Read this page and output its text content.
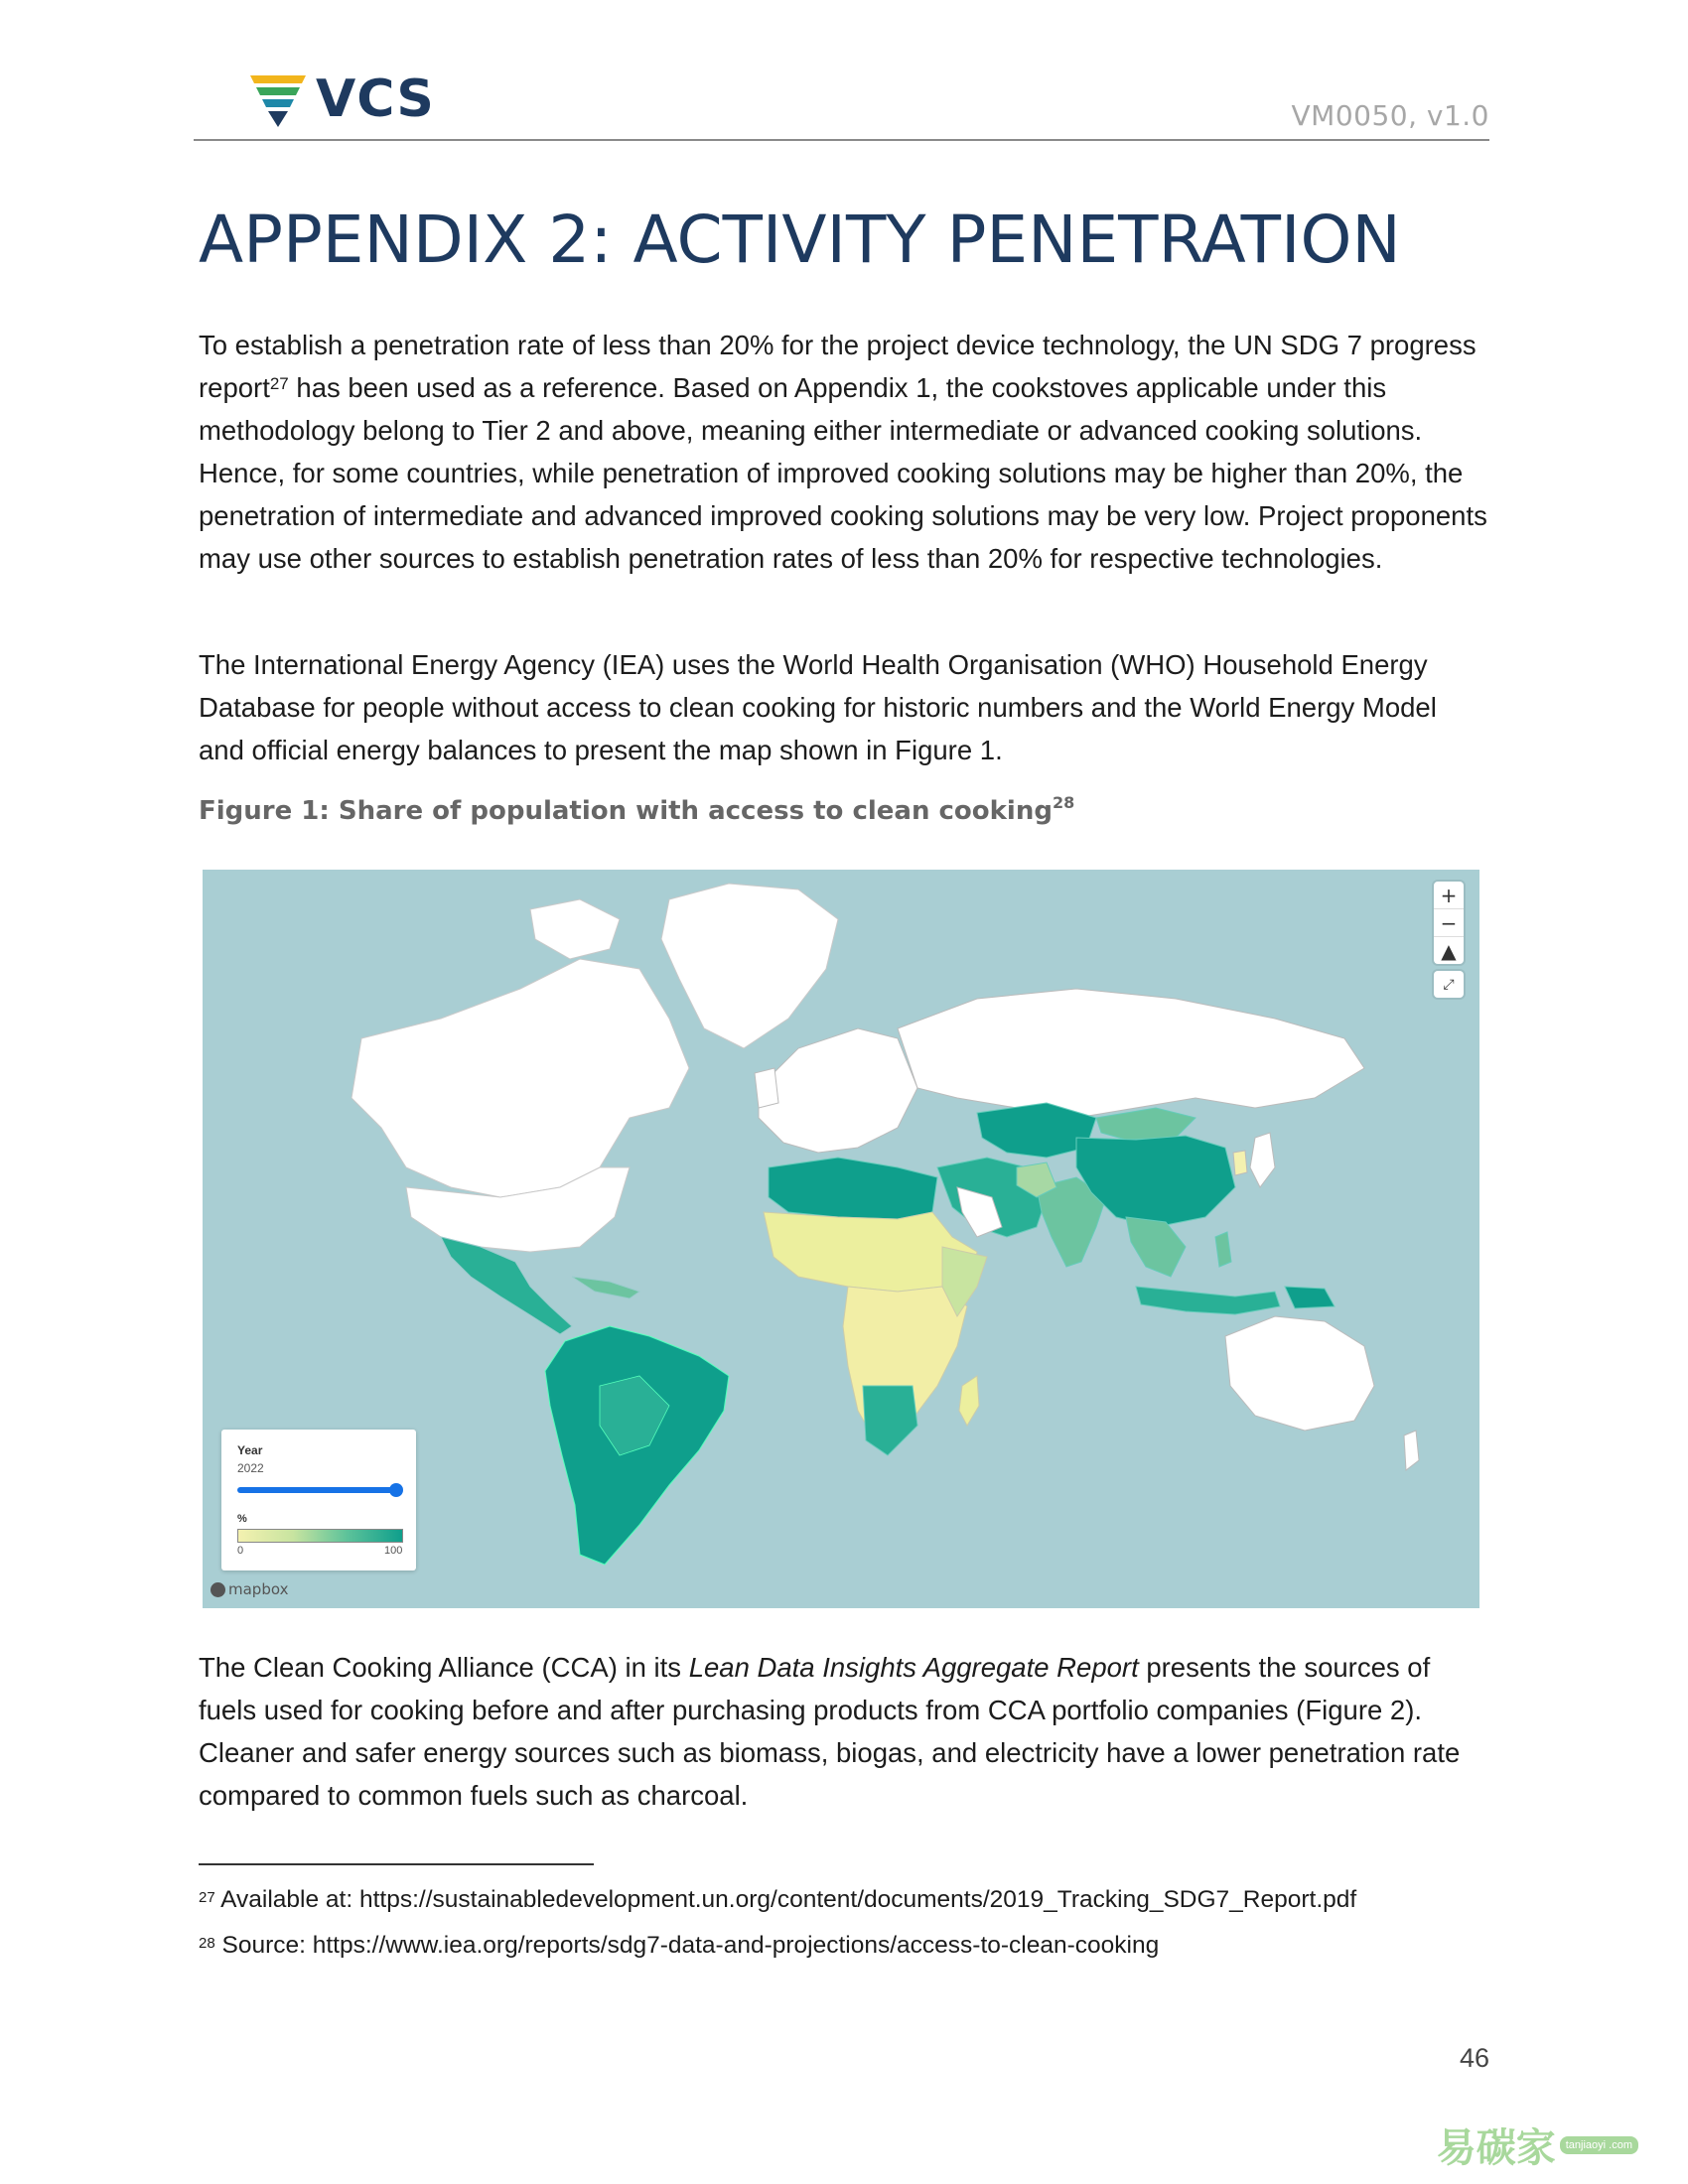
VCS	VM0050, v1.0
APPENDIX 2: ACTIVITY PENETRATION

To establish a penetration rate of less than 20% for the project device technology, the UN SDG 7 progress report$^{27}$ has been used as a reference. Based on Appendix 1, the cookstoves applicable under this methodology belong to Tier 2 and above, meaning either intermediate or advanced cooking solutions. Hence, for some countries, while penetration of improved cooking solutions may be higher than 20%, the penetration of intermediate and advanced improved cooking solutions may be very low. Project proponents may use other sources to establish penetration rates of less than 20% for respective technologies.

The International Energy Agency (IEA) uses the World Health Organisation (WHO) Household Energy Database for people without access to clean cooking for historic numbers and the World Energy Model and official energy balances to present the map shown in Figure 1.

Figure 1: Share of population with access to clean cooking$^{28}$
+
−
▲
⤢
Year
2022
%
0	100
mapbox

The Clean Cooking Alliance (CCA) in its Lean Data Insights Aggregate Report presents the sources of fuels used for cooking before and after purchasing products from CCA portfolio companies (Figure 2). Cleaner and safer energy sources such as biomass, biogas, and electricity have a lower penetration rate compared to common fuels such as charcoal.

$^{27}$ Available at: https://sustainabledevelopment.un.org/content/documents/2019_Tracking_SDG7_Report.pdf

$^{28}$ Source: https://www.iea.org/reports/sdg7-data-and-projections/access-to-clean-cooking

46
易碳家 tanjiaoyi .com
